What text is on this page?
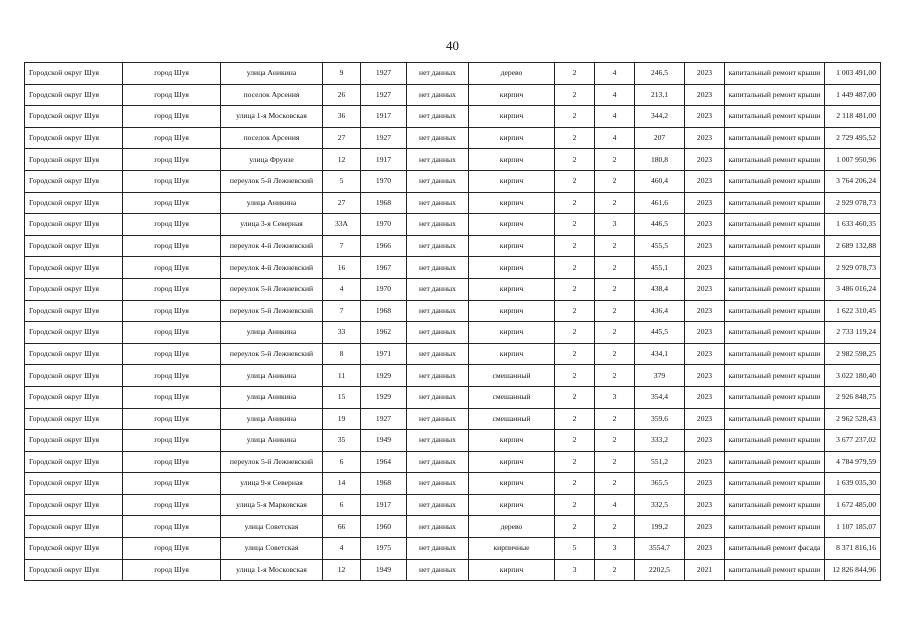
40
Городской округ Шуя	город Шуя	улица Аникина	9	1927	нет данных	дерево	2	4	246,5	2023	капитальный ремонт крыши	1 003 491,00
Городской округ Шуя	город Шуя	поселок Арсения	26	1927	нет данных	кирпич	2	4	213,1	2023	капитальный ремонт крыши	1 449 487,00
Городской округ Шуя	город Шуя	улица 1-я Московская	36	1917	нет данных	кирпич	2	4	344,2	2023	капитальный ремонт крыши	2 118 481,00
Городской округ Шуя	город Шуя	поселок Арсения	27	1927	нет данных	кирпич	2	4	207	2023	капитальный ремонт крыши	2 729 495,52
Городской округ Шуя	город Шуя	улица Фрунзе	12	1917	нет данных	кирпич	2	2	180,8	2023	капитальный ремонт крыши	1 007 950,96
Городской округ Шуя	город Шуя	переулок 5-й Лежневский	5	1970	нет данных	кирпич	2	2	460,4	2023	капитальный ремонт крыши	3 764 206,24
Городской округ Шуя	город Шуя	улица Аникина	27	1968	нет данных	кирпич	2	2	461,6	2023	капитальный ремонт крыши	2 929 078,73
Городской округ Шуя	город Шуя	улица 3-я Северная	33А	1970	нет данных	кирпич	2	3	446,5	2023	капитальный ремонт крыши	1 633 460,35
Городской округ Шуя	город Шуя	переулок 4-й Лежневский	7	1966	нет данных	кирпич	2	2	455,5	2023	капитальный ремонт крыши	2 689 132,88
Городской округ Шуя	город Шуя	переулок 4-й Лежневский	16	1967	нет данных	кирпич	2	2	455,1	2023	капитальный ремонт крыши	2 929 078,73
Городской округ Шуя	город Шуя	переулок 5-й Лежневский	4	1970	нет данных	кирпич	2	2	438,4	2023	капитальный ремонт крыши	3 486 016,24
Городской округ Шуя	город Шуя	переулок 5-й Лежневский	7	1968	нет данных	кирпич	2	2	436,4	2023	капитальный ремонт крыши	1 622 310,45
Городской округ Шуя	город Шуя	улица Аникина	33	1962	нет данных	кирпич	2	2	445,5	2023	капитальный ремонт крыши	2 733 119,24
Городской округ Шуя	город Шуя	переулок 5-й Лежневский	8	1971	нет данных	кирпич	2	2	434,1	2023	капитальный ремонт крыши	2 982 598,25
Городской округ Шуя	город Шуя	улица Аникина	11	1929	нет данных	смешанный	2	2	379	2023	капитальный ремонт крыши	3 022 180,40
Городской округ Шуя	город Шуя	улица Аникина	15	1929	нет данных	смешанный	2	3	354,4	2023	капитальный ремонт крыши	2 926 848,75
Городской округ Шуя	город Шуя	улица Аникина	19	1927	нет данных	смешанный	2	2	359,6	2023	капитальный ремонт крыши	2 962 528,43
Городской округ Шуя	город Шуя	улица Аникина	35	1949	нет данных	кирпич	2	2	333,2	2023	капитальный ремонт крыши	3 677 237,02
Городской округ Шуя	город Шуя	переулок 5-й Лежневский	6	1964	нет данных	кирпич	2	2	551,2	2023	капитальный ремонт крыши	4 784 979,59
Городской округ Шуя	город Шуя	улица 9-я Северная	14	1968	нет данных	кирпич	2	2	365,5	2023	капитальный ремонт крыши	1 639 035,30
Городской округ Шуя	город Шуя	улица 5-я Марковская	6	1917	нет данных	кирпич	2	4	332,5	2023	капитальный ремонт крыши	1 672 485,00
Городской округ Шуя	город Шуя	улица Советская	66	1960	нет данных	дерево	2	2	199,2	2023	капитальный ремонт крыши	1 107 185,07
Городской округ Шуя	город Шуя	улица Советская	4	1975	нет данных	кирпичные	5	3	3554,7	2023	капитальный ремонт фасада	8 371 816,16
Городской округ Шуя	город Шуя	улица 1-я Московская	12	1949	нет данных	кирпич	3	2	2202,5	2021	капитальный ремонт крыши	12 826 844,96
